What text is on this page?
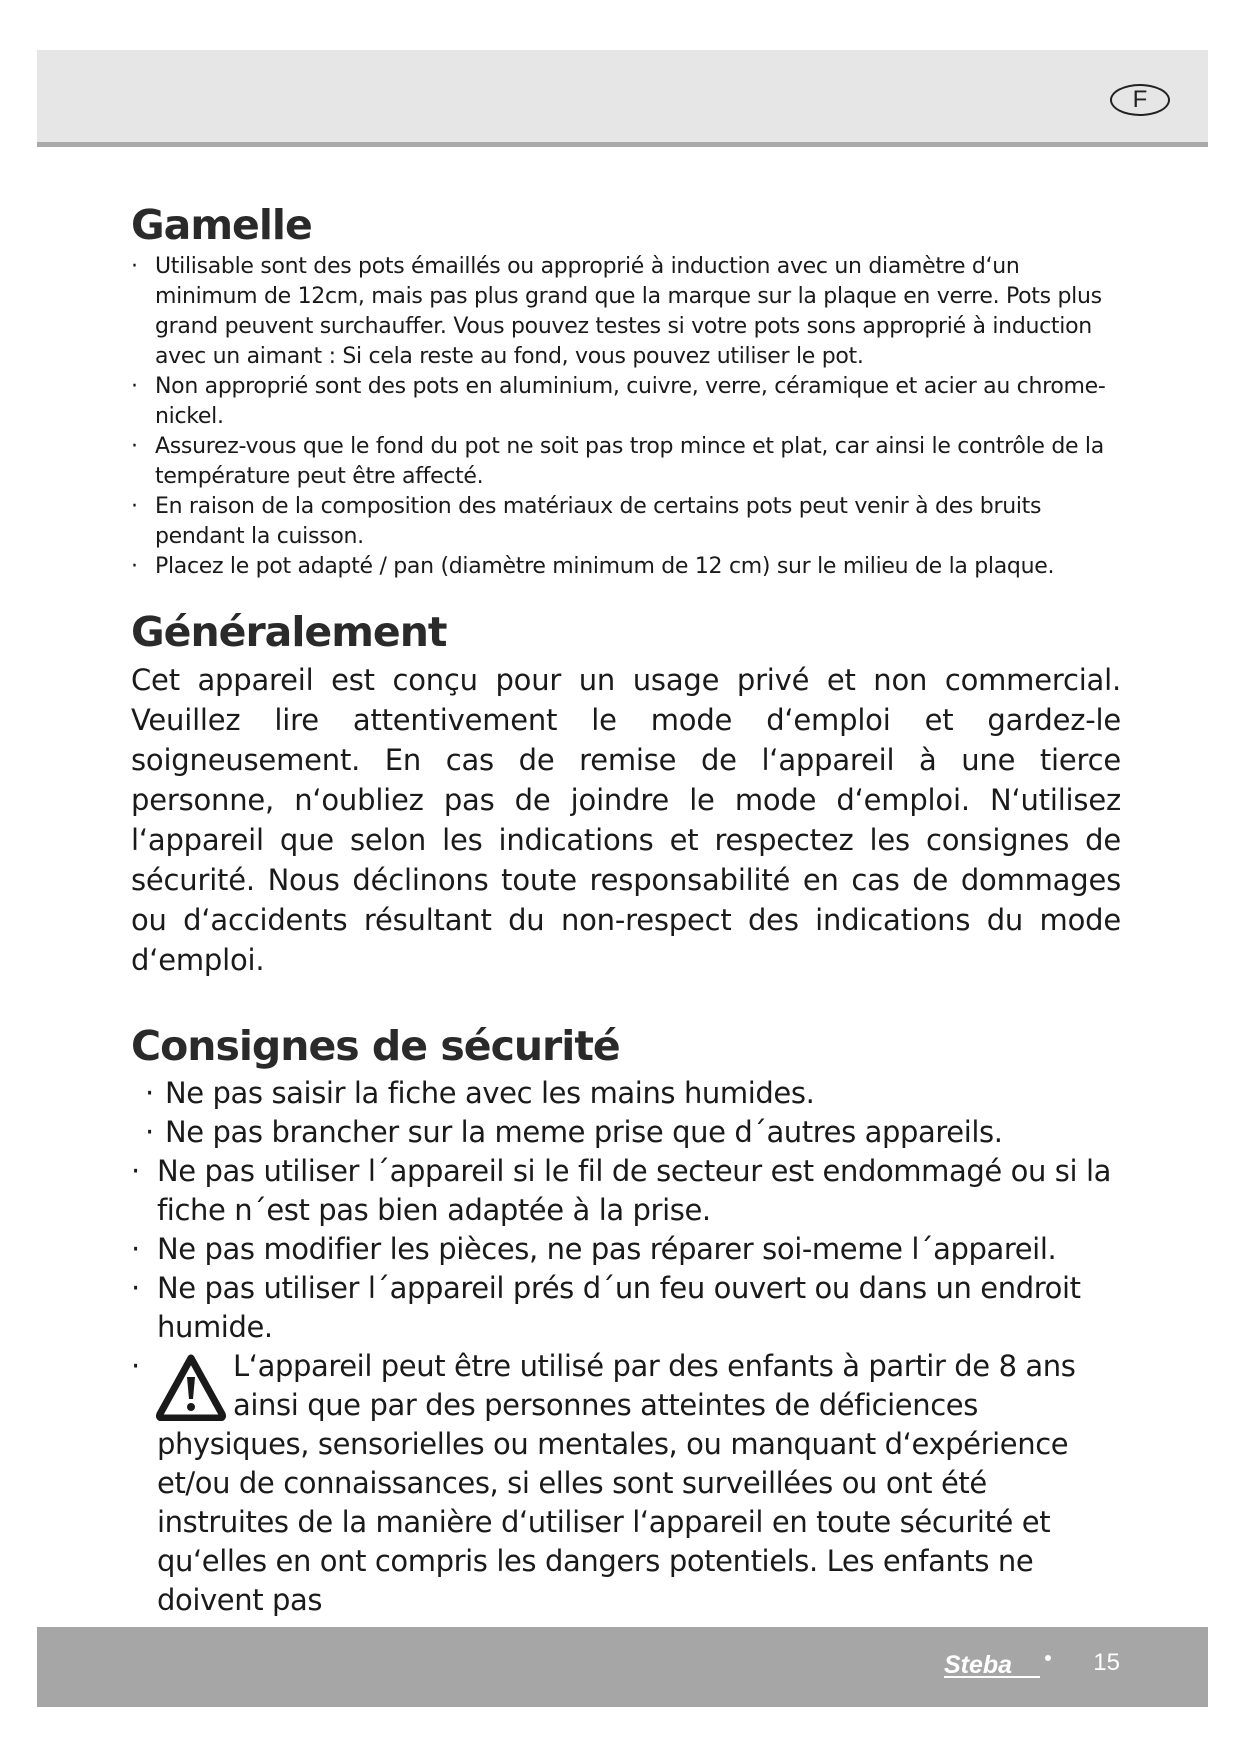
F
Gamelle
· Utilisable sont des pots émaillés ou approprié à induction avec un diamètre d‘un minimum de 12cm, mais pas plus grand que la marque sur la plaque en verre. Pots plus grand peuvent surchauffer. Vous pouvez testes si votre pots sons approprié à induction avec un aimant : Si cela reste au fond, vous pouvez utiliser le pot.
· Non approprié sont des pots en aluminium, cuivre, verre, céramique et acier au chrome-nickel.
· Assurez-vous que le fond du pot ne soit pas trop mince et plat, car ainsi le contrôle de la température peut être affecté.
· En raison de la composition des matériaux de certains pots peut venir à des bruits pendant la cuisson.
· Placez le pot adapté / pan (diamètre minimum de 12 cm) sur le milieu de la plaque.
Généralement

Cet appareil est conçu pour un usage privé et non commercial. Veuillez lire attentivement le mode d‘emploi et gardez-le soigneusement. En cas de remise de l‘appareil à une tierce personne, n‘oubliez pas de joindre le mode d‘emploi. N‘utilisez l‘appareil que selon les indications et respectez les consignes de sécurité. Nous déclinons toute responsabilité en cas de dommages ou d‘accidents résultant du non-respect des indications du mode d‘emploi.

Consignes de sécurité
· Ne pas saisir la fiche avec les mains humides.
· Ne pas brancher sur la meme prise que d´autres appareils.
· Ne pas utiliser l´appareil si le fil de secteur est endommagé ou si la fiche n´est pas bien adaptée à la prise.
· Ne pas modifier les pièces, ne pas réparer soi-meme l´appareil.
· Ne pas utiliser l´appareil prés d´un feu ouvert ou dans un endroit humide.
· L‘appareil peut être utilisé par des enfants à partir de 8 ans ainsi que par des personnes atteintes de déficiences physiques, sensorielles ou mentales, ou manquant d‘expérience et/ou de connaissances, si elles sont surveillées ou ont été instruites de la manière d‘utiliser l‘appareil en toute sécurité et qu‘elles en ont compris les dangers potentiels. Les enfants ne doivent pas
Steba	15
